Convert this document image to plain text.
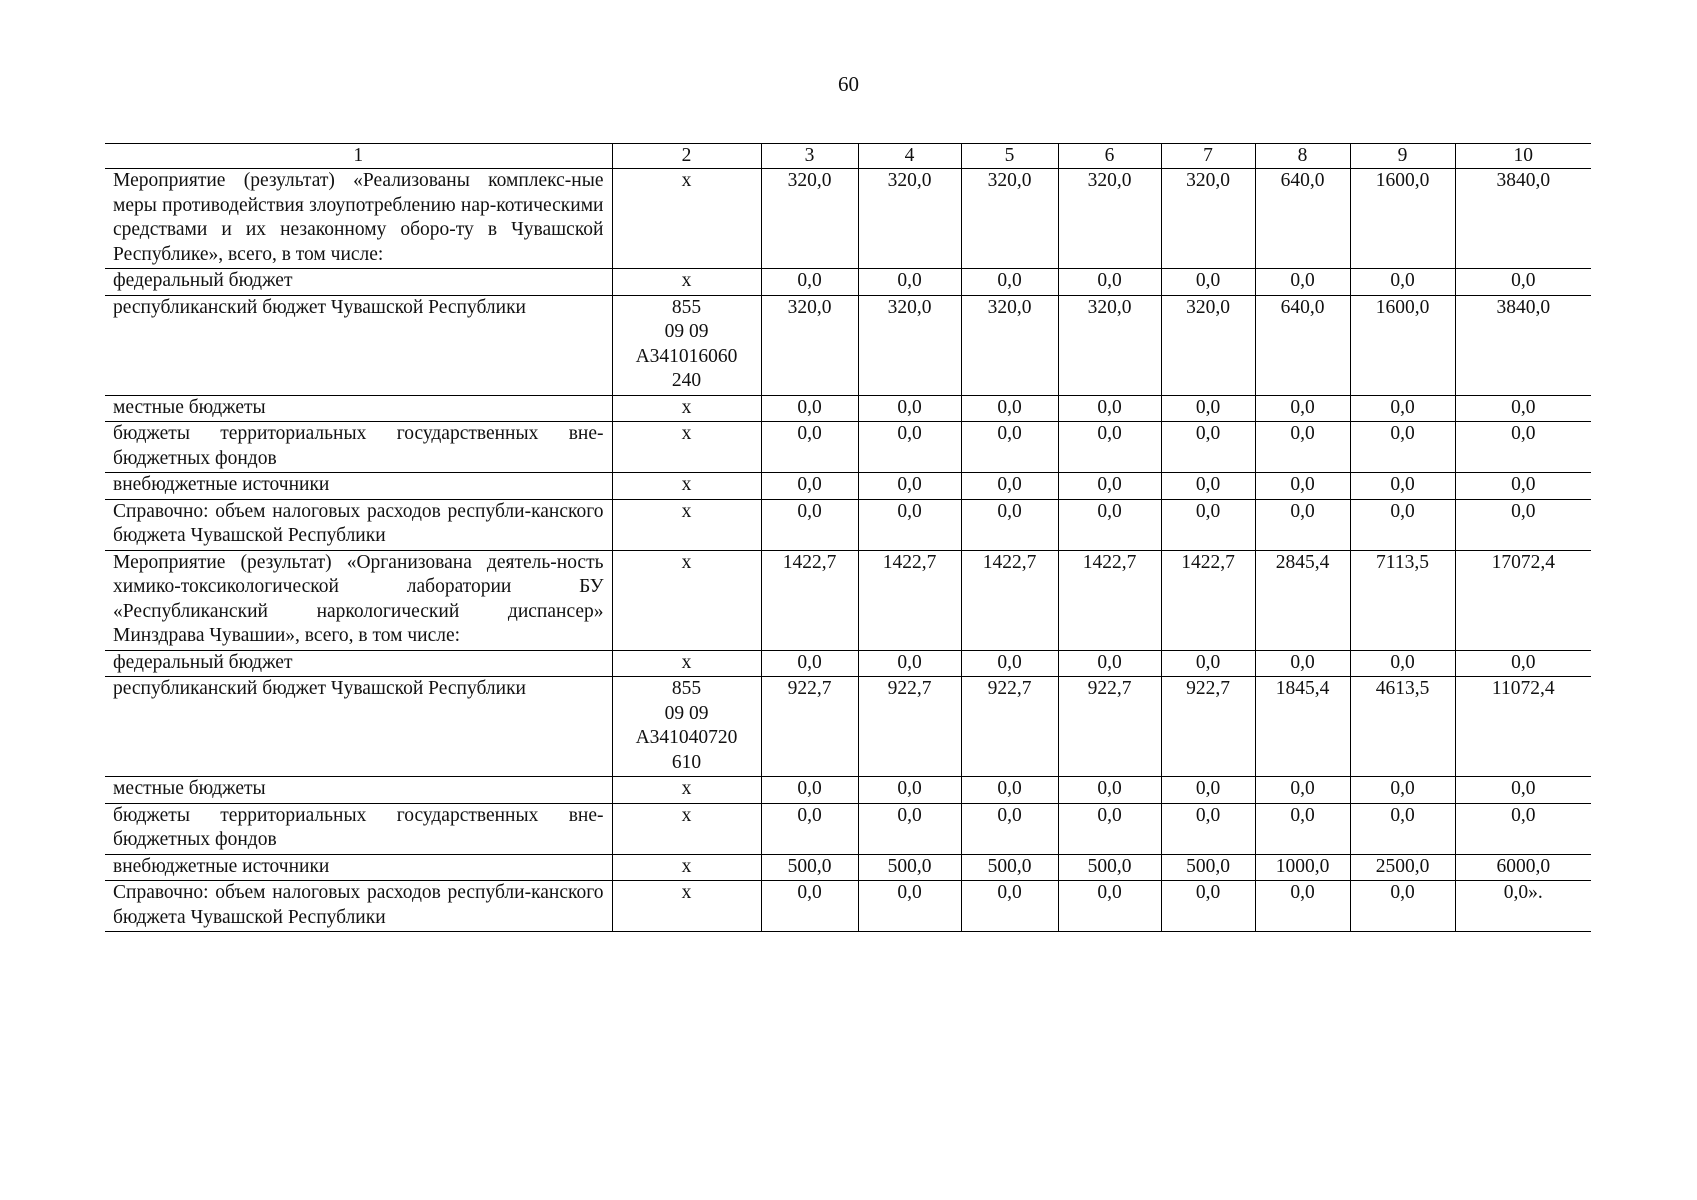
60
1	2	3	4	5	6	7	8	9	10
Мероприятие (результат) «Реализованы комплекс-ные меры противодействия злоупотреблению нар-котическими средствами и их незаконному оборо-ту в Чувашской Республике», всего, в том числе:	x	320,0	320,0	320,0	320,0	320,0	640,0	1600,0	3840,0
федеральный бюджет	x	0,0	0,0	0,0	0,0	0,0	0,0	0,0	0,0
республиканский бюджет Чувашской Республики	855
09 09
А341016060
240	320,0	320,0	320,0	320,0	320,0	640,0	1600,0	3840,0
местные бюджеты	x	0,0	0,0	0,0	0,0	0,0	0,0	0,0	0,0
бюджеты территориальных государственных вне-бюджетных фондов	x	0,0	0,0	0,0	0,0	0,0	0,0	0,0	0,0
внебюджетные источники	x	0,0	0,0	0,0	0,0	0,0	0,0	0,0	0,0
Справочно: объем налоговых расходов республи-канского бюджета Чувашской Республики	x	0,0	0,0	0,0	0,0	0,0	0,0	0,0	0,0
Мероприятие (результат) «Организована деятель-ность химико-токсикологической лаборатории БУ «Республиканский наркологический диспансер» Минздрава Чувашии», всего, в том числе:	x	1422,7	1422,7	1422,7	1422,7	1422,7	2845,4	7113,5	17072,4
федеральный бюджет	x	0,0	0,0	0,0	0,0	0,0	0,0	0,0	0,0
республиканский бюджет Чувашской Республики	855
09 09
А341040720
610	922,7	922,7	922,7	922,7	922,7	1845,4	4613,5	11072,4
местные бюджеты	x	0,0	0,0	0,0	0,0	0,0	0,0	0,0	0,0
бюджеты территориальных государственных вне-бюджетных фондов	x	0,0	0,0	0,0	0,0	0,0	0,0	0,0	0,0
внебюджетные источники	x	500,0	500,0	500,0	500,0	500,0	1000,0	2500,0	6000,0
Справочно: объем налоговых расходов республи-канского бюджета Чувашской Республики	x	0,0	0,0	0,0	0,0	0,0	0,0	0,0	0,0».
